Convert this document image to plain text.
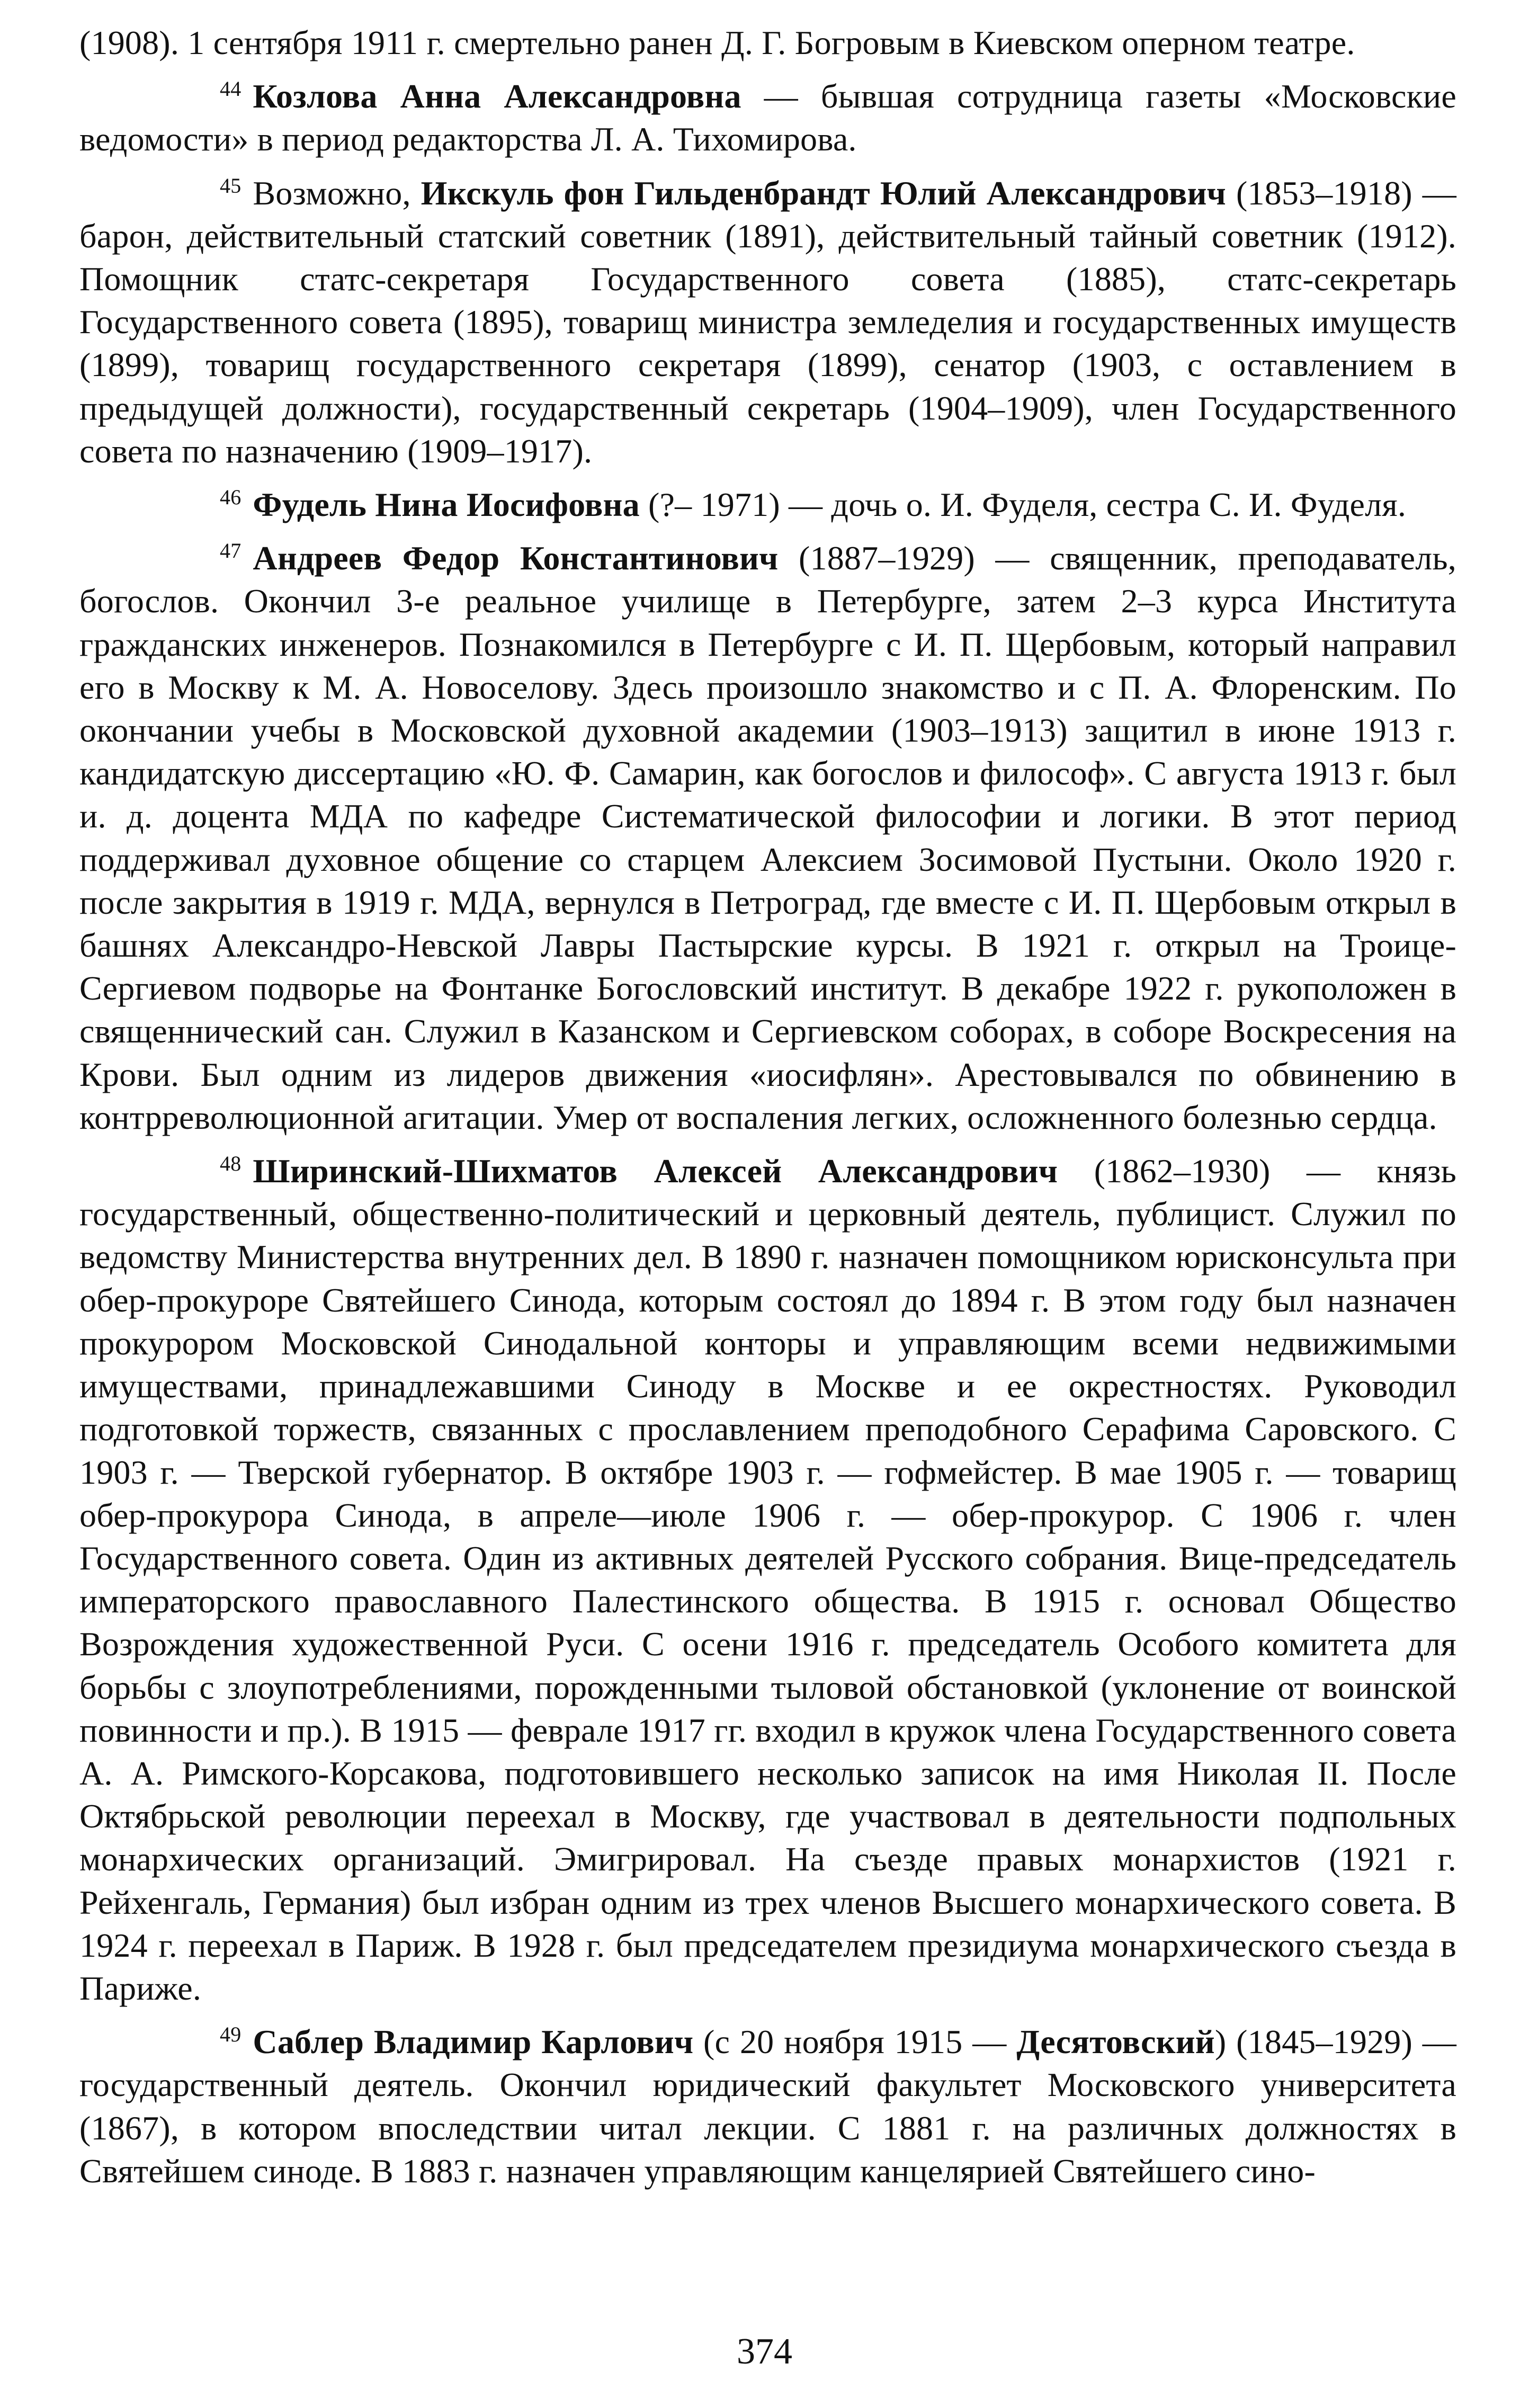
(1908). 1 сентября 1911 г. смертельно ранен Д. Г. Богровым в Киевском оперном театре.

$^{44}$ Козлова Анна Александровна — бывшая сотрудница газеты «Московские ведомости» в период редакторства Л. А. Тихомирова.

$^{45}$ Возможно, Икскуль фон Гильденбрандт Юлий Александрович (1853–1918) — барон, действительный статский советник (1891), действительный тайный советник (1912). Помощник статс-секретаря Государственного совета (1885), статс-секретарь Государственного совета (1895), товарищ министра земледелия и государственных имуществ (1899), товарищ государственного секретаря (1899), сенатор (1903, с оставлением в предыдущей должности), государственный секретарь (1904–1909), член Государственного совета по назначению (1909–1917).

$^{46}$ Фудель Нина Иосифовна (?– 1971) — дочь о. И. Фуделя, сестра С. И. Фуделя.

$^{47}$ Андреев Федор Константинович (1887–1929) — священник, преподаватель, богослов. Окончил 3-е реальное училище в Петербурге, затем 2–3 курса Института гражданских инженеров. Познакомился в Петербурге с И. П. Щербовым, который направил его в Москву к М. А. Новоселову. Здесь произошло знакомство и с П. А. Флоренским. По окончании учебы в Московской духовной академии (1903–1913) защитил в июне 1913 г. кандидатскую диссертацию «Ю. Ф. Самарин, как богослов и философ». С августа 1913 г. был и. д. доцента МДА по кафедре Систематической философии и логики. В этот период поддерживал духовное общение со старцем Алексием Зосимовой Пустыни. Около 1920 г. после закрытия в 1919 г. МДА, вернулся в Петроград, где вместе с И. П. Щербовым открыл в башнях Александро-Невской Лавры Пастырские курсы. В 1921 г. открыл на Троице-Сергиевом подворье на Фонтанке Богословский институт. В декабре 1922 г. рукоположен в священнический сан. Служил в Казанском и Сергиевском соборах, в соборе Воскресения на Крови. Был одним из лидеров движения «иосифлян». Арестовывался по обвинению в контрреволюционной агитации. Умер от воспаления легких, осложненного болезнью сердца.

$^{48}$ Ширинский-Шихматов Алексей Александрович (1862–1930) — князь государственный, общественно-политический и церковный деятель, публицист. Служил по ведомству Министерства внутренних дел. В 1890 г. назначен помощником юрисконсульта при обер-прокуроре Святейшего Синода, которым состоял до 1894 г. В этом году был назначен прокурором Московской Синодальной конторы и управляющим всеми недвижимыми имуществами, принадлежавшими Синоду в Москве и ее окрестностях. Руководил подготовкой торжеств, связанных с прославлением преподобного Серафима Саровского. С 1903 г. — Тверской губернатор. В октябре 1903 г. — гофмейстер. В мае 1905 г. — товарищ обер-прокурора Синода, в апреле—июле 1906 г. — обер-прокурор. С 1906 г. член Государственного совета. Один из активных деятелей Русского собрания. Вице-председатель императорского православного Палестинского общества. В 1915 г. основал Общество Возрождения художественной Руси. С осени 1916 г. председатель Особого комитета для борьбы с злоупотреблениями, порожденными тыловой обстановкой (уклонение от воинской повинности и пр.). В 1915 — феврале 1917 гг. входил в кружок члена Государственного совета А. А. Римского-Корсакова, подготовившего несколько записок на имя Николая II. После Октябрьской революции переехал в Москву, где участвовал в деятельности подпольных монархических организаций. Эмигрировал. На съезде правых монархистов (1921 г. Рейхенгаль, Германия) был избран одним из трех членов Высшего монархического совета. В 1924 г. переехал в Париж. В 1928 г. был председателем президиума монархического съезда в Париже.

$^{49}$ Саблер Владимир Карлович (с 20 ноября 1915 — Десятовский) (1845–1929) — государственный деятель. Окончил юридический факультет Московского университета (1867), в котором впоследствии читал лекции. С 1881 г. на различных должностях в Святейшем синоде. В 1883 г. назначен управляющим канцелярией Святейшего сино-

374
